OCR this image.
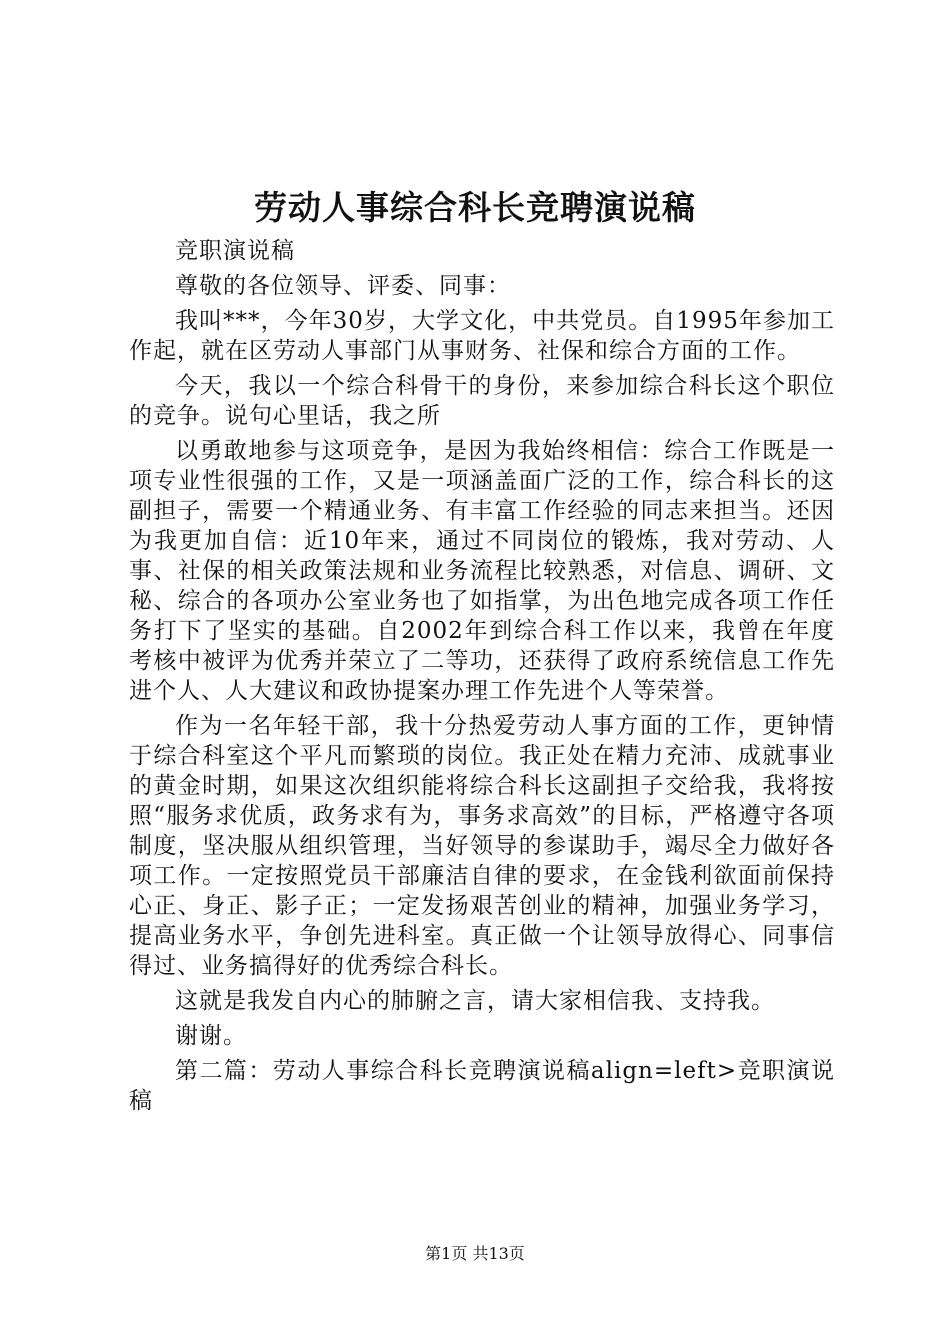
劳动人事综合科长竞聘演说稿

竞职演说稿

尊敬的各位领导、评委、同事：

我叫***，今年30岁，大学文化，中共党员。自1995年参加工作起，就在区劳动人事部门从事财务、社保和综合方面的工作。

今天，我以一个综合科骨干的身份，来参加综合科长这个职位的竞争。说句心里话，我之所

以勇敢地参与这项竞争，是因为我始终相信：综合工作既是一项专业性很强的工作，又是一项涵盖面广泛的工作，综合科长的这副担子，需要一个精通业务、有丰富工作经验的同志来担当。还因为我更加自信：近10年来，通过不同岗位的锻炼，我对劳动、人事、社保的相关政策法规和业务流程比较熟悉，对信息、调研、文秘、综合的各项办公室业务也了如指掌，为出色地完成各项工作任务打下了坚实的基础。自2002年到综合科工作以来，我曾在年度考核中被评为优秀并荣立了二等功，还获得了政府系统信息工作先进个人、人大建议和政协提案办理工作先进个人等荣誉。

作为一名年轻干部，我十分热爱劳动人事方面的工作，更钟情于综合科室这个平凡而繁琐的岗位。我正处在精力充沛、成就事业的黄金时期，如果这次组织能将综合科长这副担子交给我，我将按照“服务求优质，政务求有为，事务求高效”的目标，严格遵守各项制度，坚决服从组织管理，当好领导的参谋助手，竭尽全力做好各项工作。一定按照党员干部廉洁自律的要求，在金钱利欲面前保持心正、身正、影子正；一定发扬艰苦创业的精神，加强业务学习，提高业务水平，争创先进科室。真正做一个让领导放得心、同事信得过、业务搞得好的优秀综合科长。

这就是我发自内心的肺腑之言，请大家相信我、支持我。

谢谢。

第二篇：劳动人事综合科长竞聘演说稿align=left>竞职演说稿

第1页 共13页
